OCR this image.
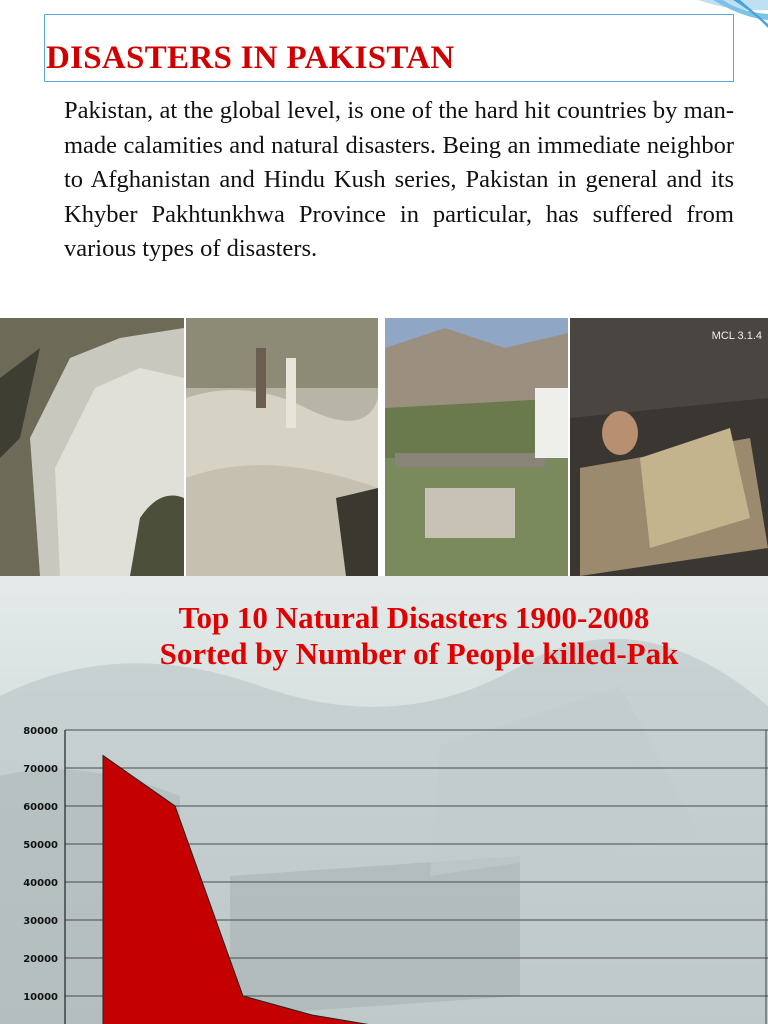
DISASTERS IN PAKISTAN

Pakistan, at the global level, is one of the hard hit countries by man-made calamities and natural disasters. Being an immediate neighbor to Afghanistan and Hindu Kush series, Pakistan in general and its Khyber Pakhtunkhwa Province in particular, has suffered from various types of disasters.

MCL 3.1.4
Top 10 Natural Disasters 1900-2008
Sorted by Number of People killed-Pak
80000
70000
60000
50000
40000
30000
20000
10000
